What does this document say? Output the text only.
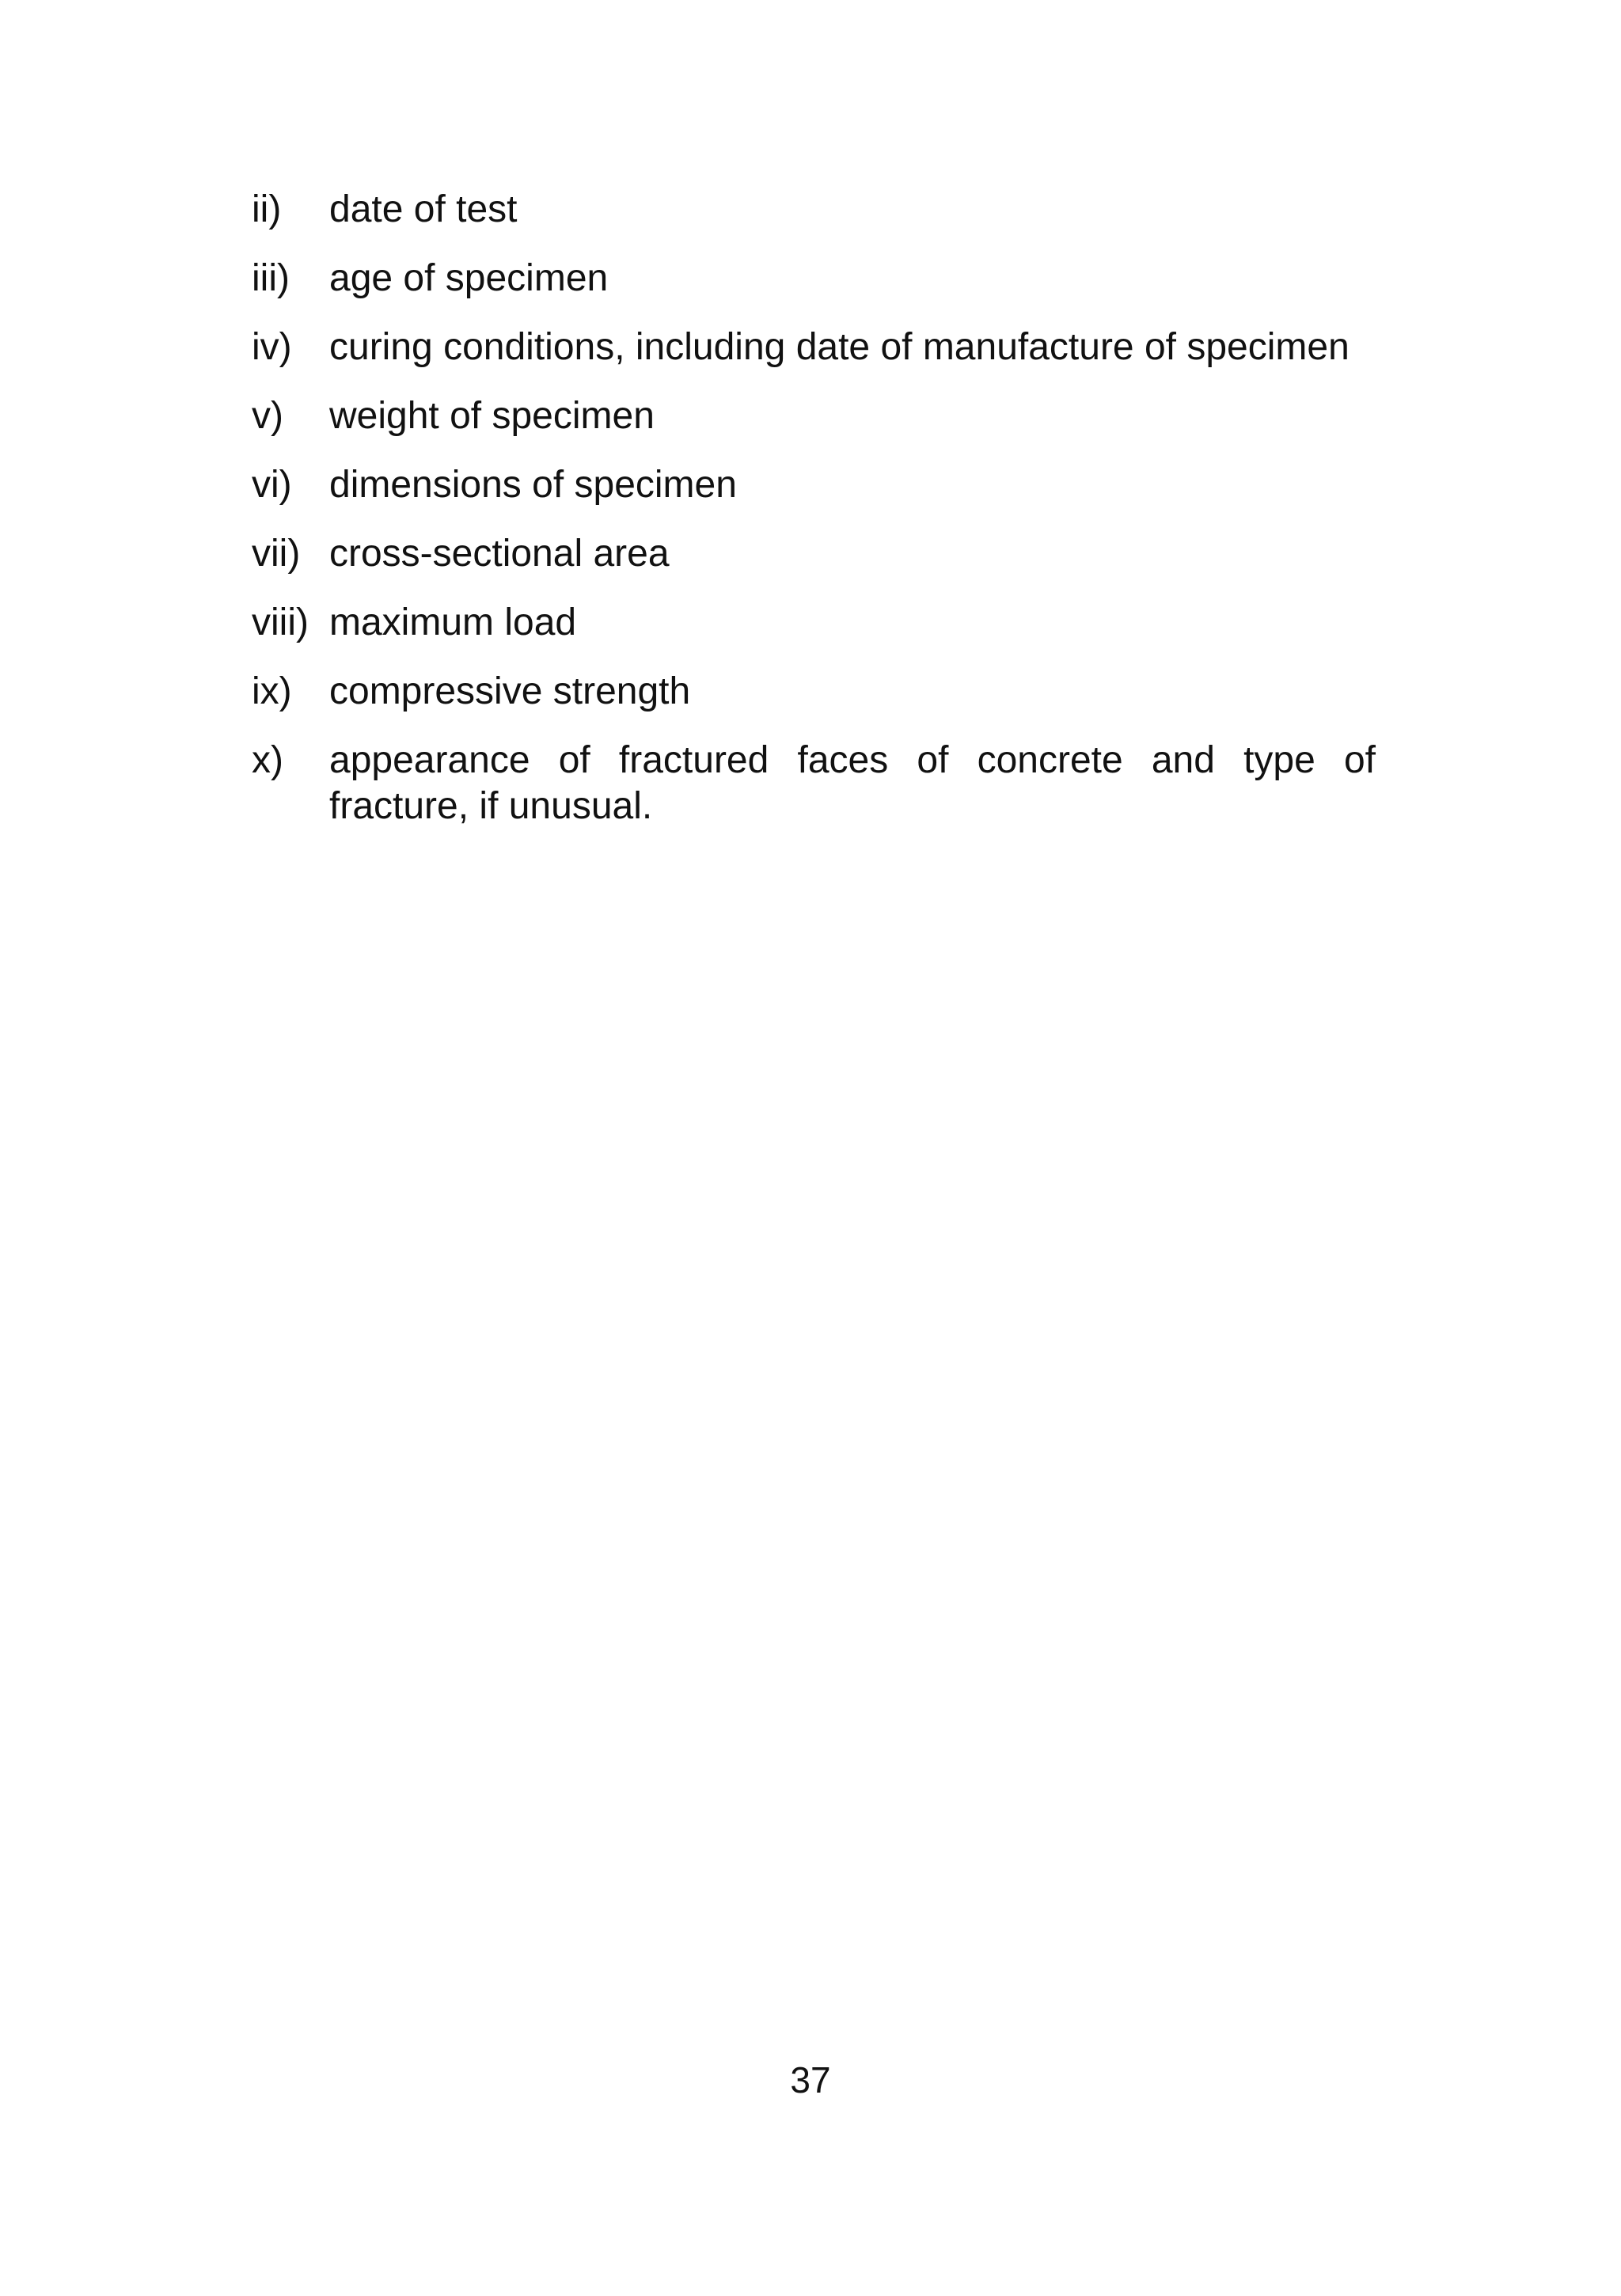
ii)	date of test
iii)	age of specimen
iv) curing conditions, including date of manufacture of specimen
v)	weight of specimen
vi) dimensions of specimen
vii) cross-sectional area
viii) maximum load
ix) compressive strength
x)	appearance of fractured faces of concrete and type of fracture, if unusual.
37
